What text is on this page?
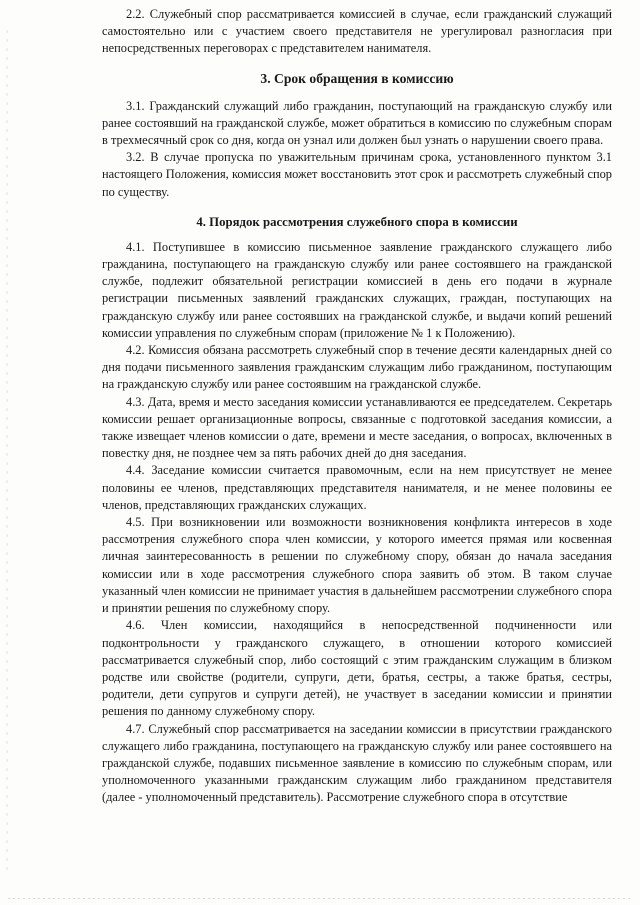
2.2. Служебный спор рассматривается комиссией в случае, если гражданский служащий самостоятельно или с участием своего представителя не урегулировал разногласия при непосредственных переговорах с представителем нанимателя.

3. Срок обращения в комиссию

3.1. Гражданский служащий либо гражданин, поступающий на гражданскую службу или ранее состоявший на гражданской службе, может обратиться в комиссию по служебным спорам в трехмесячный срок со дня, когда он узнал или должен был узнать о нарушении своего права.

3.2. В случае пропуска по уважительным причинам срока, установленного пунктом 3.1 настоящего Положения, комиссия может восстановить этот срок и рассмотреть служебный спор по существу.

4. Порядок рассмотрения служебного спора в комиссии

4.1. Поступившее в комиссию письменное заявление гражданского служащего либо гражданина, поступающего на гражданскую службу или ранее состоявшего на гражданской службе, подлежит обязательной регистрации комиссией в день его подачи в журнале регистрации письменных заявлений гражданских служащих, граждан, поступающих на гражданскую службу или ранее состоявших на гражданской службе, и выдачи копий решений комиссии управления по служебным спорам (приложение № 1 к Положению).

4.2. Комиссия обязана рассмотреть служебный спор в течение десяти календарных дней со дня подачи письменного заявления гражданским служащим либо гражданином, поступающим на гражданскую службу или ранее состоявшим на гражданской службе.

4.3. Дата, время и место заседания комиссии устанавливаются ее председателем. Секретарь комиссии решает организационные вопросы, связанные с подготовкой заседания комиссии, а также извещает членов комиссии о дате, времени и месте заседания, о вопросах, включенных в повестку дня, не позднее чем за пять рабочих дней до дня заседания.

4.4. Заседание комиссии считается правомочным, если на нем присутствует не менее половины ее членов, представляющих представителя нанимателя, и не менее половины ее членов, представляющих гражданских служащих.

4.5. При возникновении или возможности возникновения конфликта интересов в ходе рассмотрения служебного спора член комиссии, у которого имеется прямая или косвенная личная заинтересованность в решении по служебному спору, обязан до начала заседания комиссии или в ходе рассмотрения служебного спора заявить об этом. В таком случае указанный член комиссии не принимает участия в дальнейшем рассмотрении служебного спора и принятии решения по служебному спору.

4.6. Член комиссии, находящийся в непосредственной подчиненности или подконтрольности у гражданского служащего, в отношении которого комиссией рассматривается служебный спор, либо состоящий с этим гражданским служащим в близком родстве или свойстве (родители, супруги, дети, братья, сестры, а также братья, сестры, родители, дети супругов и супруги детей), не участвует в заседании комиссии и принятии решения по данному служебному спору.

4.7. Служебный спор рассматривается на заседании комиссии в присутствии гражданского служащего либо гражданина, поступающего на гражданскую службу или ранее состоявшего на гражданской службе, подавших письменное заявление в комиссию по служебным спорам, или уполномоченного указанными гражданским служащим либо гражданином представителя (далее - уполномоченный представитель). Рассмотрение служебного спора в отсутствие
